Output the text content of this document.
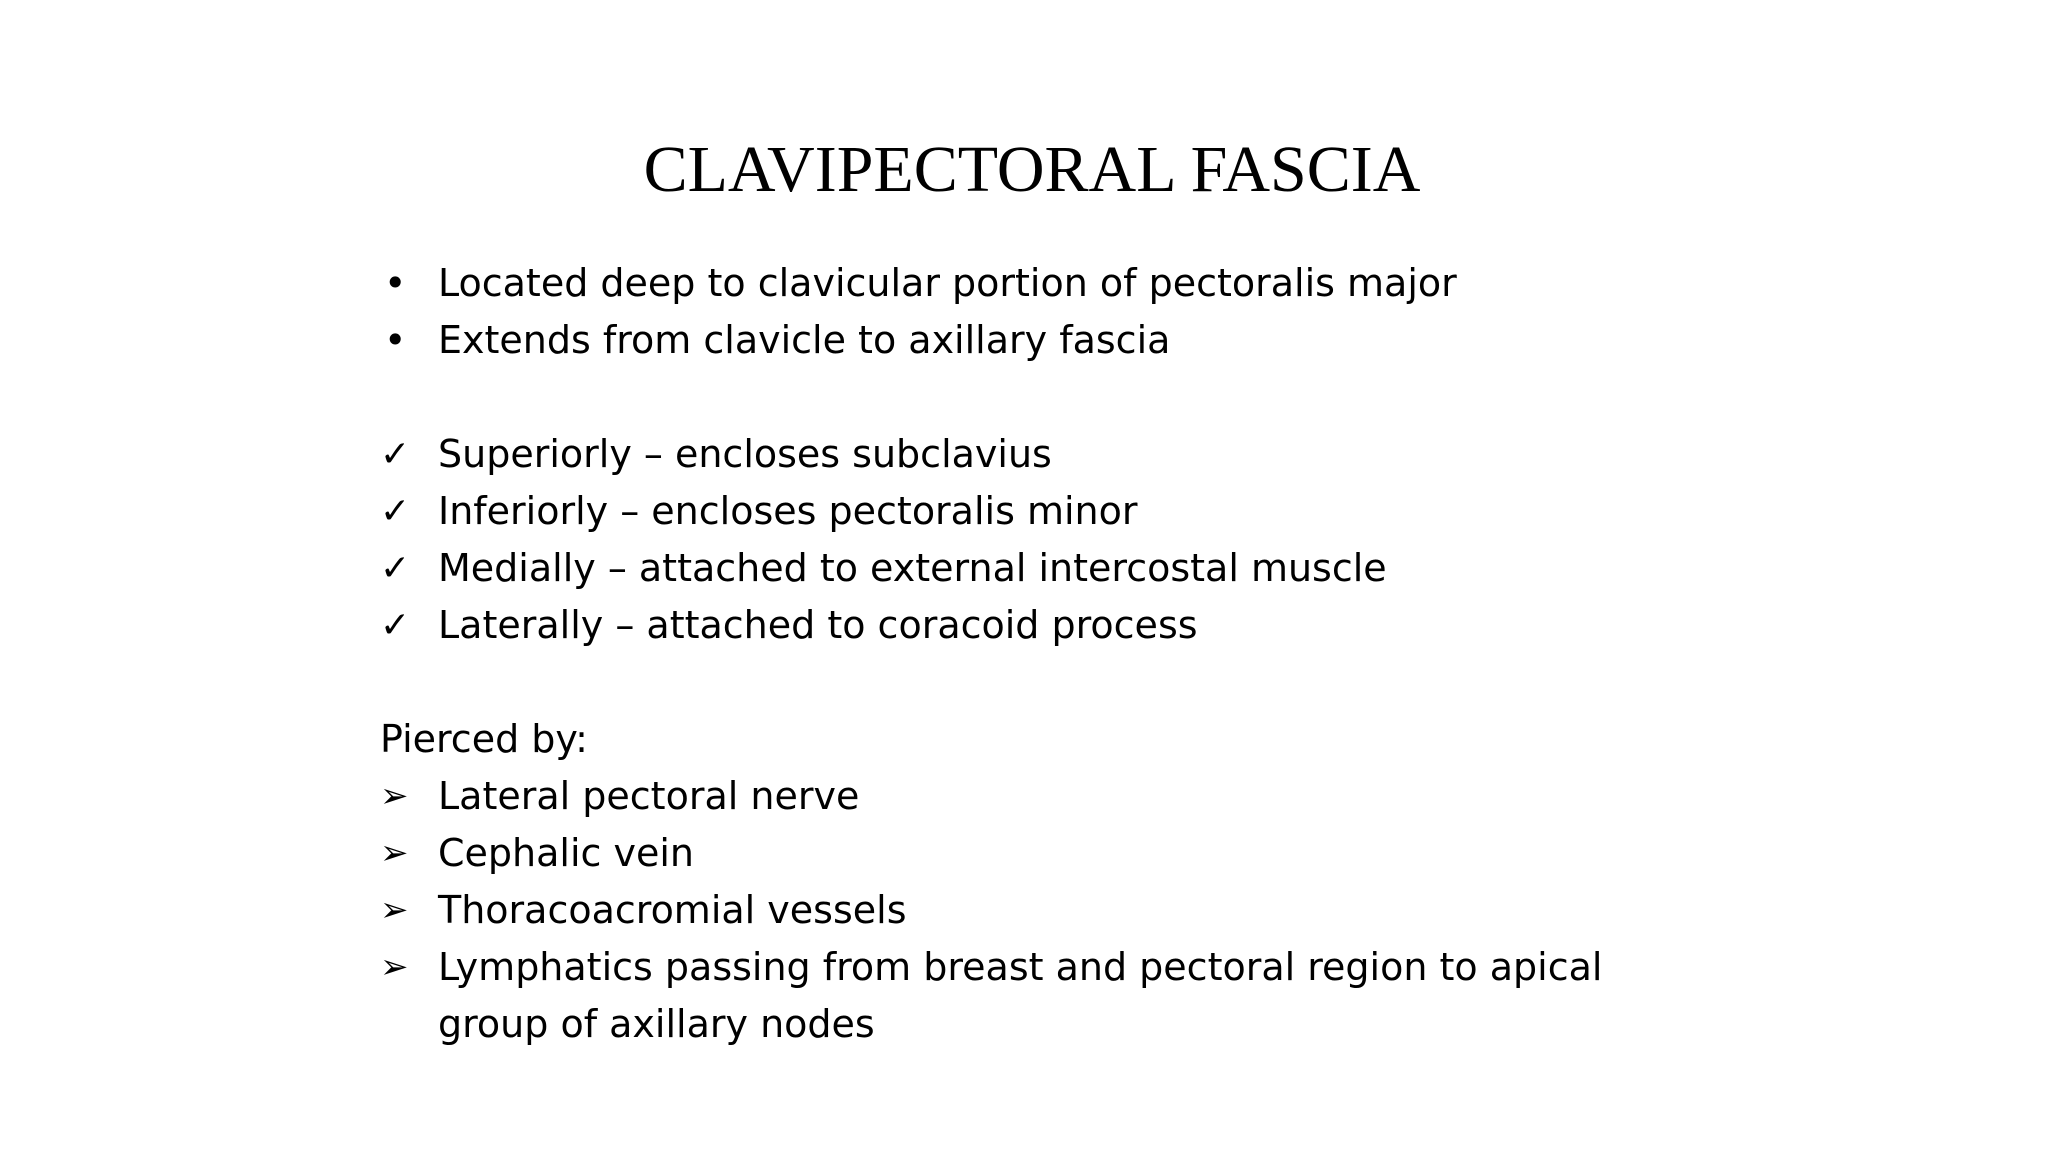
CLAVIPECTORAL FASCIA
• Located deep to clavicular portion of pectoralis major
• Extends from clavicle to axillary fascia
✓ Superiorly – encloses subclavius
✓ Inferiorly – encloses pectoralis minor
✓ Medially – attached to external intercostal muscle
✓ Laterally – attached to coracoid process

Pierced by:

➢ Lateral pectoral nerve
➢ Cephalic vein
➢ Thoracoacromial vessels
➢ Lymphatics passing from breast and pectoral region to apical group of axillary nodes
